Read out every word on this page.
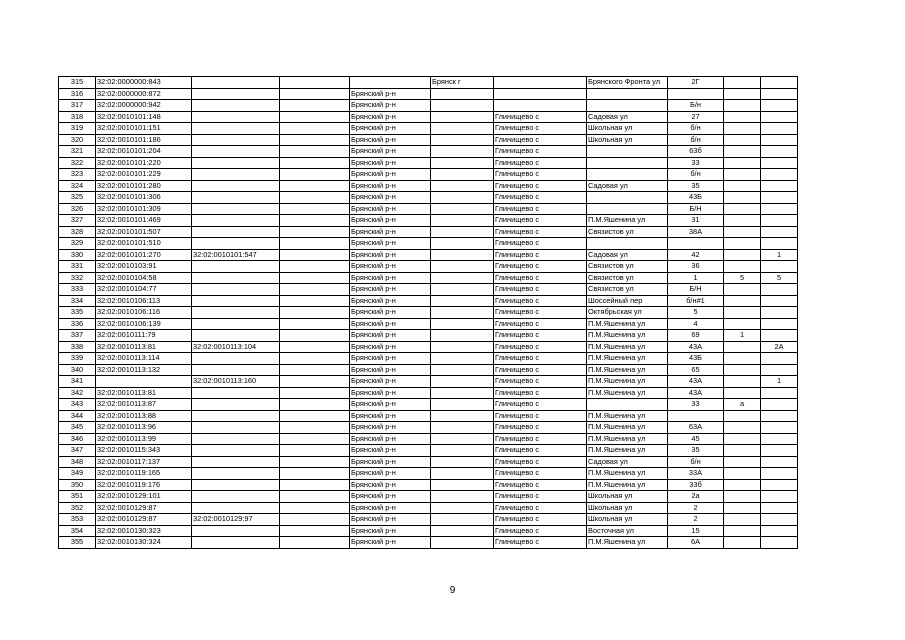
315	32:02:0000000:843				Брянск г		Брянского Фронта ул	2Г		
316	32:02:0000000:872			Брянский р-н						
317	32:02:0000000:942			Брянский р-н				Б/н		
318	32:02:0010101:148			Брянский р-н		Глинищево с	Садовая ул	27		
319	32:02:0010101:151			Брянский р-н		Глинищево с	Школьная ул	б/н		
320	32:02:0010101:186			Брянский р-н		Глинищево с	Школьная ул	б/н		
321	32:02:0010101:204			Брянский р-н		Глинищево с		63б		
322	32:02:0010101:220			Брянский р-н		Глинищево с		33		
323	32:02:0010101:229			Брянский р-н		Глинищево с		б/н		
324	32:02:0010101:280			Брянский р-н		Глинищево с	Садовая ул	35		
325	32:02:0010101:306			Брянский р-н		Глинищево с		43Б		
326	32:02:0010101:309			Брянский р-н		Глинищево с		Б/Н		
327	32:02:0010101:469			Брянский р-н		Глинищево с	П.М.Яшенина ул	31		
328	32:02:0010101:507			Брянский р-н		Глинищево с	Связистов ул	38А		
329	32:02:0010101:510			Брянский р-н		Глинищево с				
330	32:02:0010101:270	32:02:0010101:547		Брянский р-н		Глинищево с	Садовая ул	42		1
331	32:02:0010103:91			Брянский р-н		Глинищево с	Связистов ул	36		
332	32:02:0010104:58			Брянский р-н		Глинищево с	Связистов ул	1	5	5
333	32:02:0010104:77			Брянский р-н		Глинищево с	Связистов ул	Б/Н		
334	32:02:0010106:113			Брянский р-н		Глинищево с	Шоссейный пер	б/н#1		
335	32:02:0010106:116			Брянский р-н		Глинищево с	Октябрьская ул	5		
336	32:02:0010106:139			Брянский р-н		Глинищево с	П.М.Яшенина ул	4		
337	32:02:0010111:79			Брянский р-н		Глинищево с	П.М.Яшенина ул	69	1	
338	32:02:0010113:81	32:02:0010113:104		Брянский р-н		Глинищево с	П.М.Яшенина ул	43А		2А
339	32:02:0010113:114			Брянский р-н		Глинищево с	П.М.Яшенина ул	43Б		
340	32:02:0010113:132			Брянский р-н		Глинищево с	П.М.Яшенина ул	65		
341		32:02:0010113:160		Брянский р-н		Глинищево с	П.М.Яшенина ул	43А		1
342	32:02:0010113:81			Брянский р-н		Глинищево с	П.М.Яшенина ул	43А		
343	32:02:0010113:87			Брянский р-н		Глинищево с		33	а	
344	32:02:0010113:88			Брянский р-н		Глинищево с	П.М.Яшенина ул			
345	32:02:0010113:96			Брянский р-н		Глинищево с	П.М.Яшенина ул	63А		
346	32:02:0010113:99			Брянский р-н		Глинищево с	П.М.Яшенина ул	45		
347	32:02:0010115:343			Брянский р-н		Глинищево с	П.М.Яшенина ул	35		
348	32:02:0010117:137			Брянский р-н		Глинищево с	Садовая ул	б/н		
349	32:02:0010119:165			Брянский р-н		Глинищево с	П.М.Яшенина ул	33А		
350	32:02:0010119:176			Брянский р-н		Глинищево с	П.М.Яшенина ул	33б		
351	32:02:0010129:101			Брянский р-н		Глинищево с	Школьная ул	2а		
352	32:02:0010129:87			Брянский р-н		Глинищево с	Школьная ул	2		
353	32:02:0010129:87	32:02:0010129:97		Брянский р-н		Глинищево с	Школьная ул	2		
354	32:02:0010130:323			Брянский р-н		Глинищево с	Восточная ул	15		
355	32:02:0010130:324			Брянский р-н		Глинищево с	П.М.Яшенина ул	6А		
9
